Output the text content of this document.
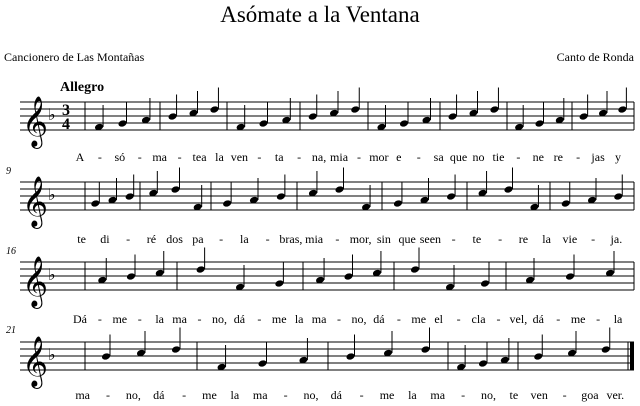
Asómate a la Ventana
Cancionero de Las Montañas	Canto de Ronda
Allegro
9
16
21
𝄞 ♭ 3
4
𝄞 ♭
𝄞 ♭
𝄞 ♭
A - só - ma - tea la ven - ta - na, mia - mor e - sa que no tie - ne re - jas y
te di - ré dos pa - la - bras, mia - mor, sin que seen - te - re la vie - ja.
Dá - me - la ma - no, dá - me la ma - no, dá - me el - cla - vel, dá - me - la
ma - no, dá - me la ma - no, dá - me la ma - no, te ven - goa ver.
